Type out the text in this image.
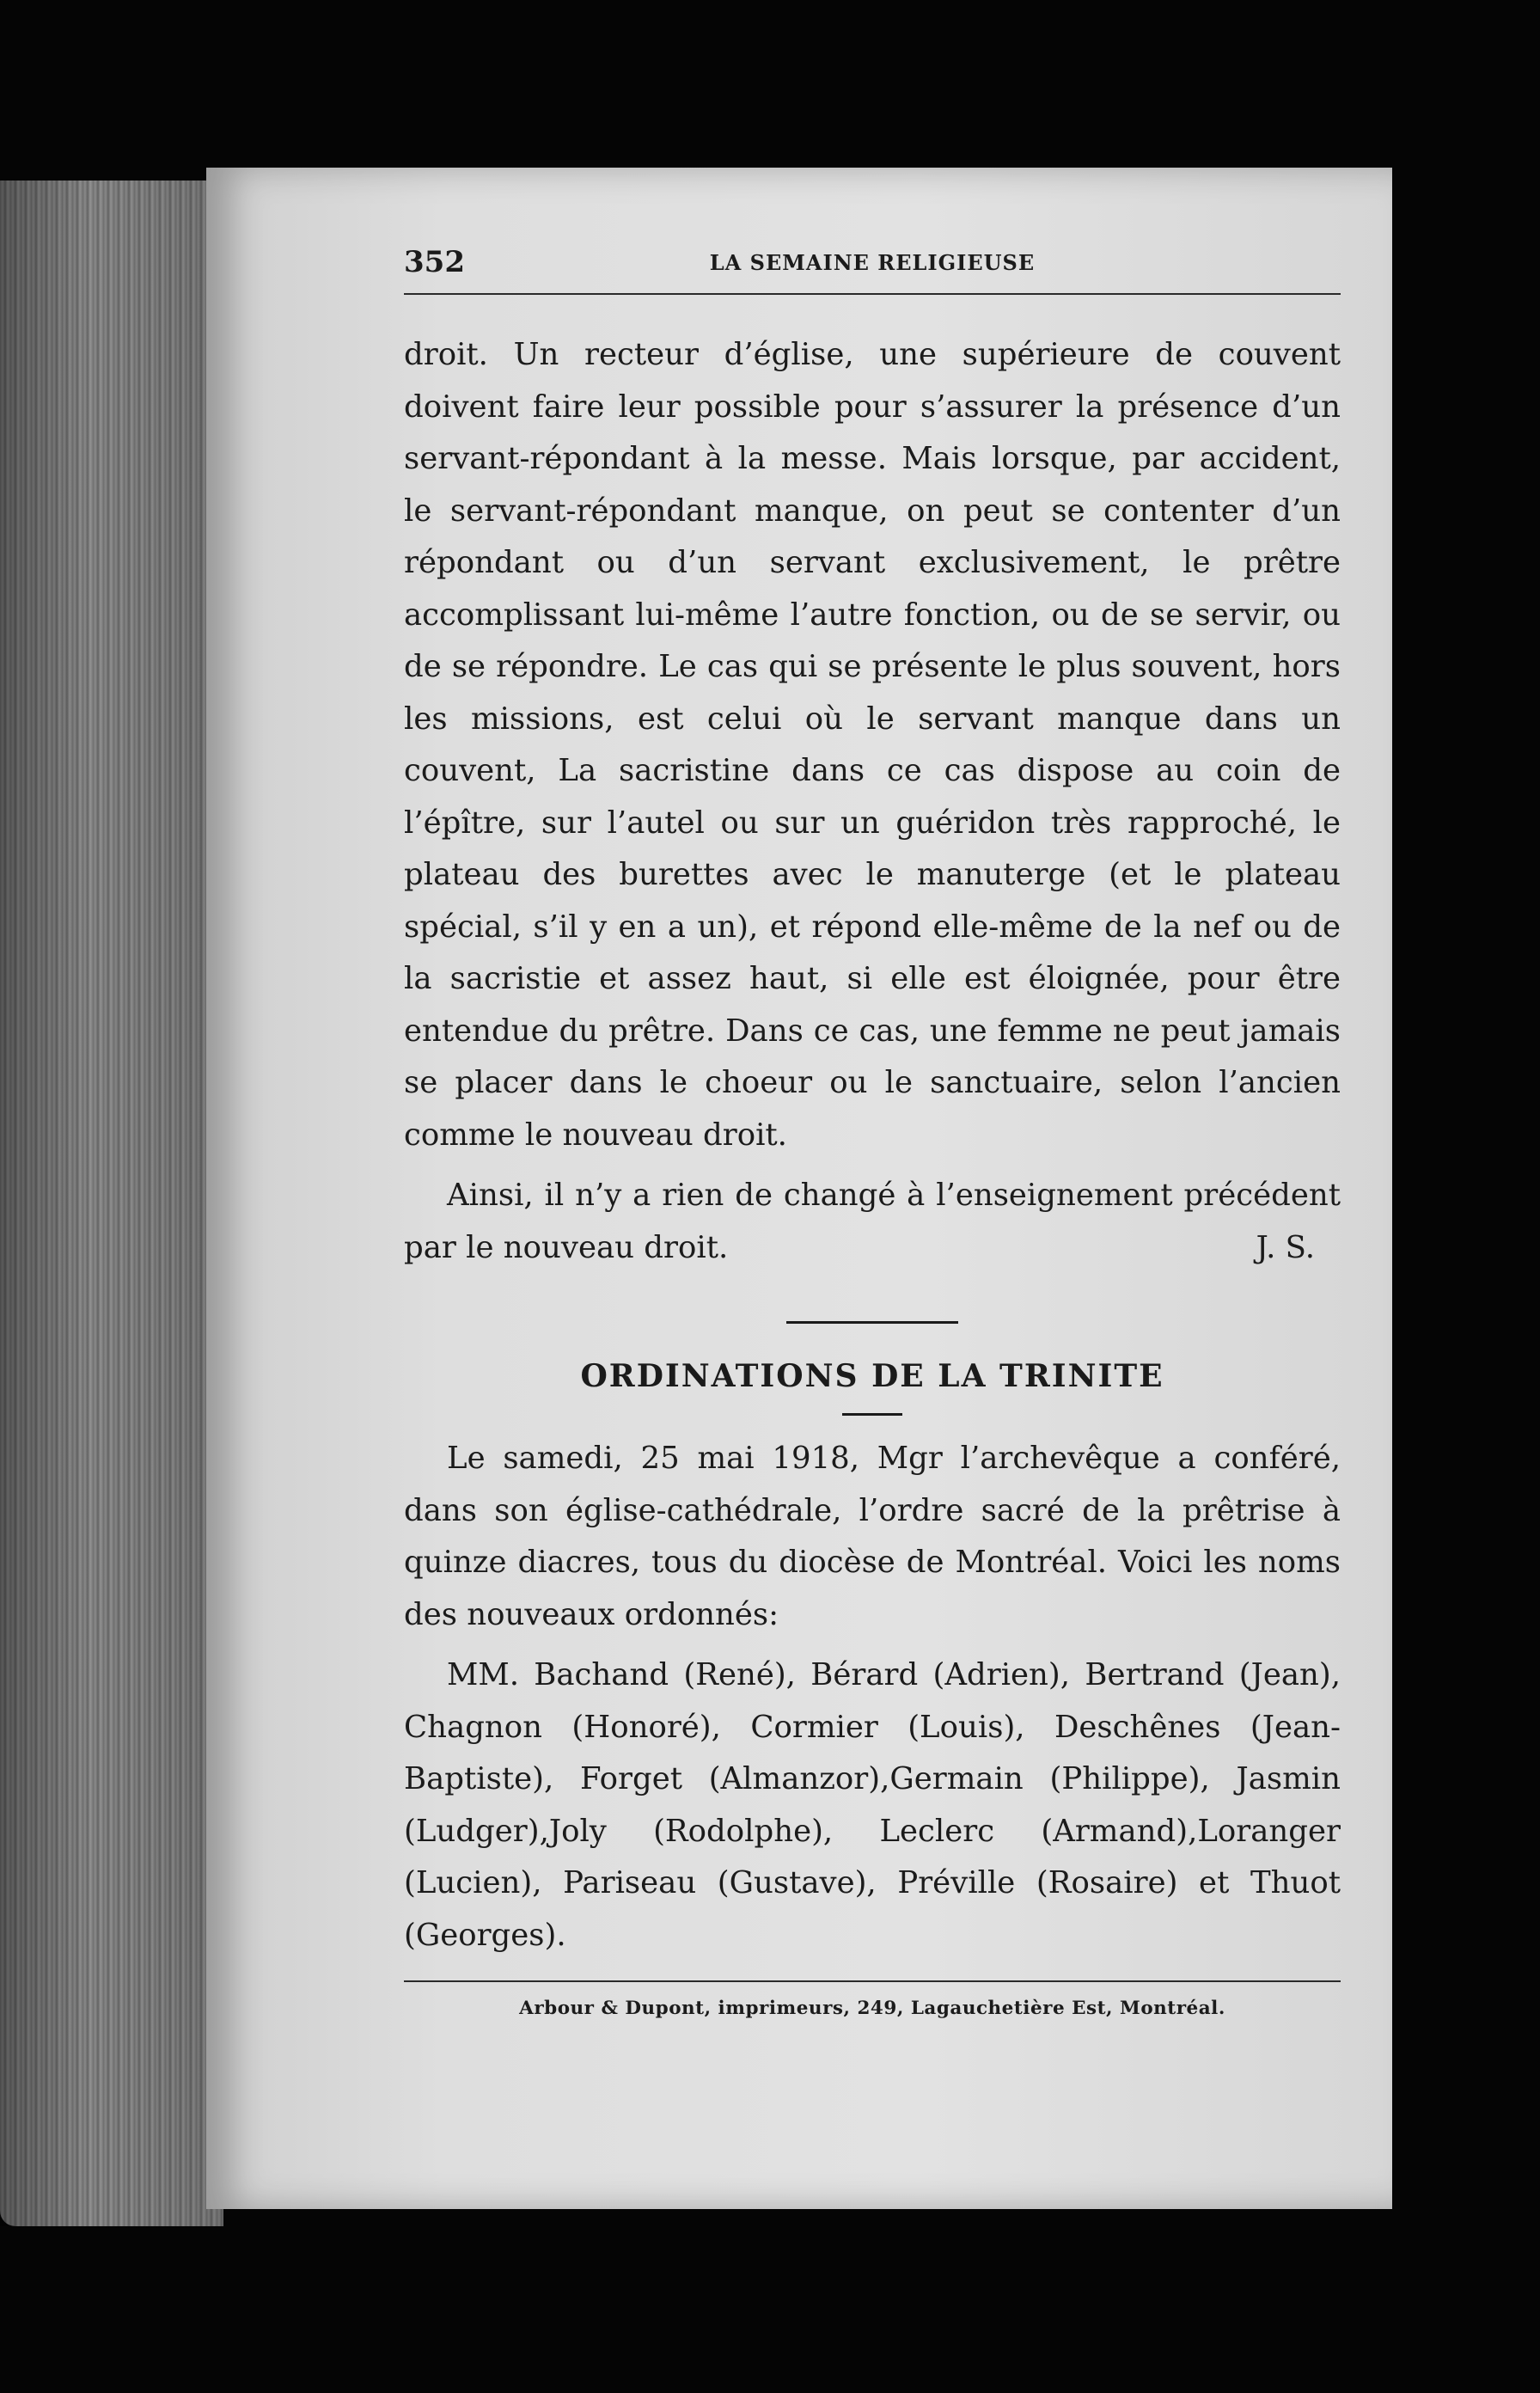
352	LA SEMAINE RELIGIEUSE

droit. Un recteur d’église, une supérieure de couvent doivent faire leur possible pour s’assurer la présence d’un servant-répondant à la messe. Mais lorsque, par accident, le servant-répondant manque, on peut se contenter d’un répondant ou d’un servant exclusivement, le prêtre accomplissant lui-même l’autre fonction, ou de se servir, ou de se répondre. Le cas qui se présente le plus souvent, hors les missions, est celui où le servant manque dans un couvent, La sacristine dans ce cas dispose au coin de l’épître, sur l’autel ou sur un guéridon très rapproché, le plateau des burettes avec le manuterge (et le plateau spécial, s’il y en a un), et répond elle-même de la nef ou de la sacristie et assez haut, si elle est éloignée, pour être entendue du prêtre. Dans ce cas, une femme ne peut jamais se placer dans le choeur ou le sanctuaire, selon l’ancien comme le nouveau droit.

Ainsi, il n’y a rien de changé à l’enseignement précédent par le nouveau droit.	J. S.
ORDINATIONS DE LA TRINITE

Le samedi, 25 mai 1918, Mgr l’archevêque a conféré, dans son église-cathédrale, l’ordre sacré de la prêtrise à quinze diacres, tous du diocèse de Montréal. Voici les noms des nouveaux ordonnés:

MM. Bachand (René), Bérard (Adrien), Bertrand (Jean), Chagnon (Honoré), Cormier (Louis), Deschênes (Jean-Baptiste), Forget (Almanzor),Germain (Philippe), Jasmin (Ludger),Joly (Rodolphe), Leclerc (Armand),Loranger (Lucien), Pariseau (Gustave), Préville (Rosaire) et Thuot (Georges).

Arbour & Dupont, imprimeurs, 249, Lagauchetière Est, Montréal.
